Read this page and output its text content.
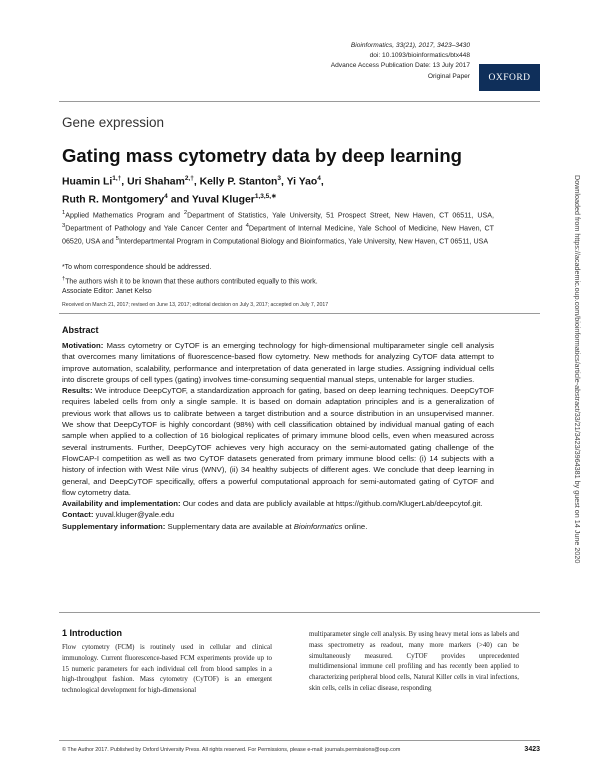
Bioinformatics, 33(21), 2017, 3423–3430
doi: 10.1093/bioinformatics/btx448
Advance Access Publication Date: 13 July 2017
Original Paper	OXFORD
Gene expression
Gating mass cytometry data by deep learning
Huamin $Li^{1,\dagger}$, Uri Shaham$^{2,\dagger}$, Kelly P. Stanton$^3$, Yi Yao$^4$,
Ruth R. Montgomery$^4$ and Yuval Kluger$^{1,3,5,∗}$
$^1$Applied Mathematics Program and $^2$Department of Statistics, Yale University, 51 Prospect Street, New Haven, CT 06511, USA, $^3$Department of Pathology and Yale Cancer Center and $^4$Department of Internal Medicine, Yale School of Medicine, New Haven, CT 06520, USA and $^5$Interdepartmental Program in Computational Biology and Bioinformatics, Yale University, New Haven, CT 06511, USA
*To whom correspondence should be addressed.
†The authors wish it to be known that these authors contributed equally to this work.
Associate Editor: Janet Kelso
Received on March 21, 2017; revised on June 13, 2017; editorial decision on July 3, 2017; accepted on July 7, 2017
Abstract

Motivation: Mass cytometry or CyTOF is an emerging technology for high-dimensional multiparameter single cell analysis that overcomes many limitations of fluorescence-based flow cytometry. New methods for analyzing CyTOF data attempt to improve automation, scalability, performance and interpretation of data generated in large studies. Assigning individual cells into discrete groups of cell types (gating) involves time-consuming sequential manual steps, untenable for larger studies.

Results: We introduce DeepCyTOF, a standardization approach for gating, based on deep learning techniques. DeepCyTOF requires labeled cells from only a single sample. It is based on domain adaptation principles and is a generalization of previous work that allows us to calibrate between a target distribution and a source distribution in an unsupervised manner. We show that DeepCyTOF is highly concordant (98%) with cell classification obtained by individual manual gating of each sample when applied to a collection of 16 biological replicates of primary immune blood cells, even when measured across several instruments. Further, DeepCyTOF achieves very high accuracy on the semi-automated gating challenge of the FlowCAP-I competition as well as two CyTOF datasets generated from primary immune blood cells: (i) 14 subjects with a history of infection with West Nile virus (WNV), (ii) 34 healthy subjects of different ages. We conclude that deep learning in general, and DeepCyTOF specifically, offers a powerful computational approach for semi-automated gating of CyTOF and flow cytometry data.

Availability and implementation: Our codes and data are publicly available at https://github.com/KlugerLab/deepcytof.git.

Contact: yuval.kluger@yale.edu

Supplementary information: Supplementary data are available at Bioinformatics online.

1 Introduction
Flow cytometry (FCM) is routinely used in cellular and clinical immunology. Current fluorescence-based FCM experiments provide up to 15 numeric parameters for each individual cell from blood samples in a high-throughput fashion. Mass cytometry (CyTOF) is an emergent technological development for high-dimensional
multiparameter single cell analysis. By using heavy metal ions as labels and mass spectrometry as readout, many more markers (>40) can be simultaneously measured. CyTOF provides unprecedented multidimensional immune cell profiling and has recently been applied to characterizing peripheral blood cells, Natural Killer cells in viral infections, skin cells, cells in celiac disease, responding
© The Author 2017. Published by Oxford University Press. All rights reserved. For Permissions, please e-mail: journals.permissions@oup.com	3423
Downloaded from https://academic.oup.com/bioinformatics/article-abstract/33/21/3423/3964381 by guest on 14 June 2020
